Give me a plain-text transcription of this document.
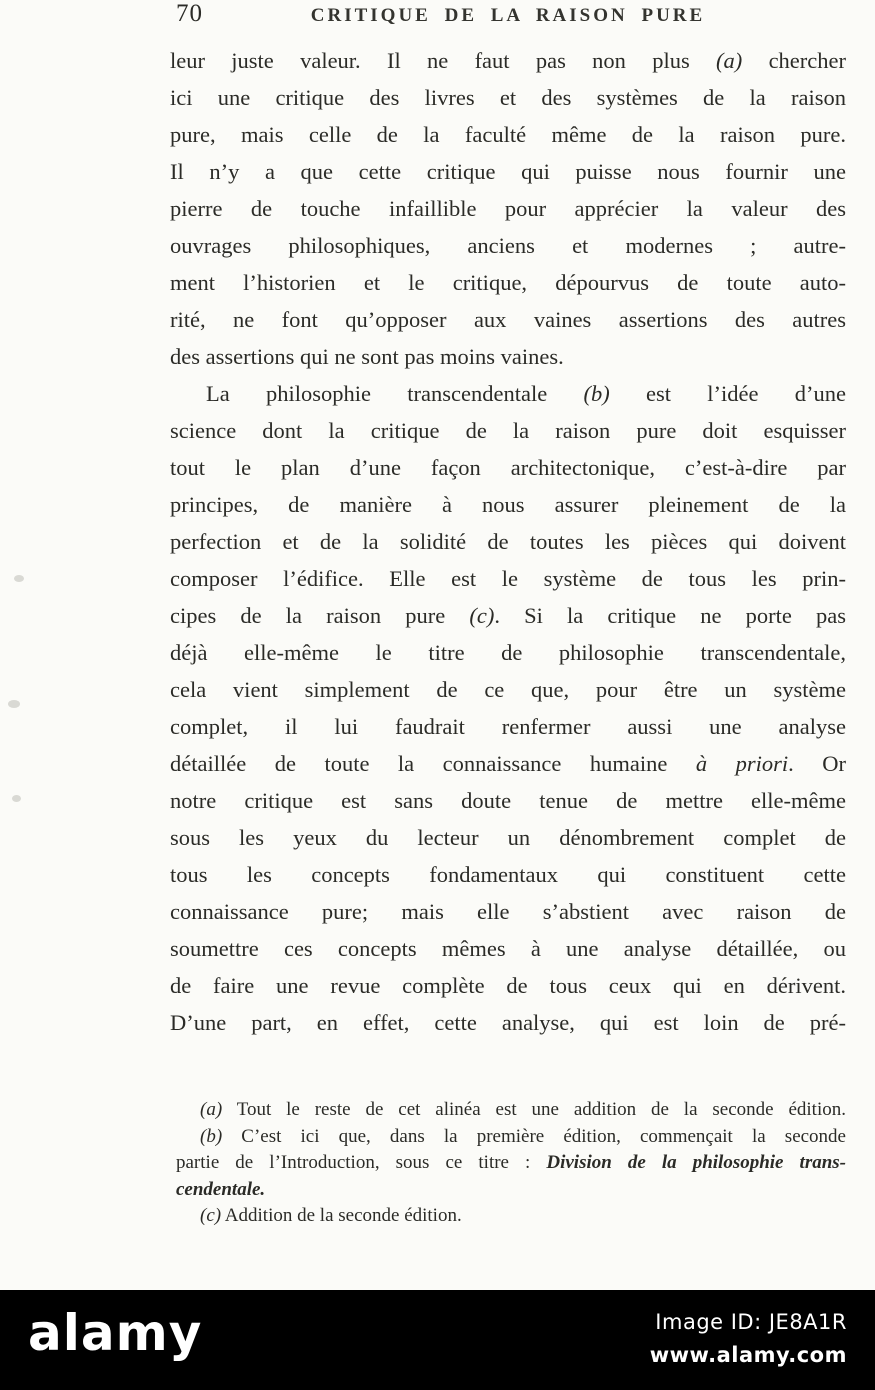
70	CRITIQUE DE LA RAISON PURE
leur juste valeur. Il ne faut pas non plus (a) chercher
ici une critique des livres et des systèmes de la raison
pure, mais celle de la faculté même de la raison pure.
Il n’y a que cette critique qui puisse nous fournir une
pierre de touche infaillible pour apprécier la valeur des
ouvrages philosophiques, anciens et modernes ; autre-
ment l’historien et le critique, dépourvus de toute auto-
rité, ne font qu’opposer aux vaines assertions des autres
des assertions qui ne sont pas moins vaines.
La philosophie transcendentale (b) est l’idée d’une
science dont la critique de la raison pure doit esquisser
tout le plan d’une façon architectonique, c’est-à-dire par
principes, de manière à nous assurer pleinement de la
perfection et de la solidité de toutes les pièces qui doivent
composer l’édifice. Elle est le système de tous les prin-
cipes de la raison pure (c). Si la critique ne porte pas
déjà elle-même le titre de philosophie transcendentale,
cela vient simplement de ce que, pour être un système
complet, il lui faudrait renfermer aussi une analyse
détaillée de toute la connaissance humaine à priori. Or
notre critique est sans doute tenue de mettre elle-même
sous les yeux du lecteur un dénombrement complet de
tous les concepts fondamentaux qui constituent cette
connaissance pure; mais elle s’abstient avec raison de
soumettre ces concepts mêmes à une analyse détaillée, ou
de faire une revue complète de tous ceux qui en dérivent.
D’une part, en effet, cette analyse, qui est loin de pré-
(a) Tout le reste de cet alinéa est une addition de la seconde édition.
(b) C’est ici que, dans la première édition, commençait la seconde
partie de l’Introduction, sous ce titre : Division de la philosophie trans-
cendentale.
(c) Addition de la seconde édition.
alamy	Image ID: JE8A1R
www.alamy.com
